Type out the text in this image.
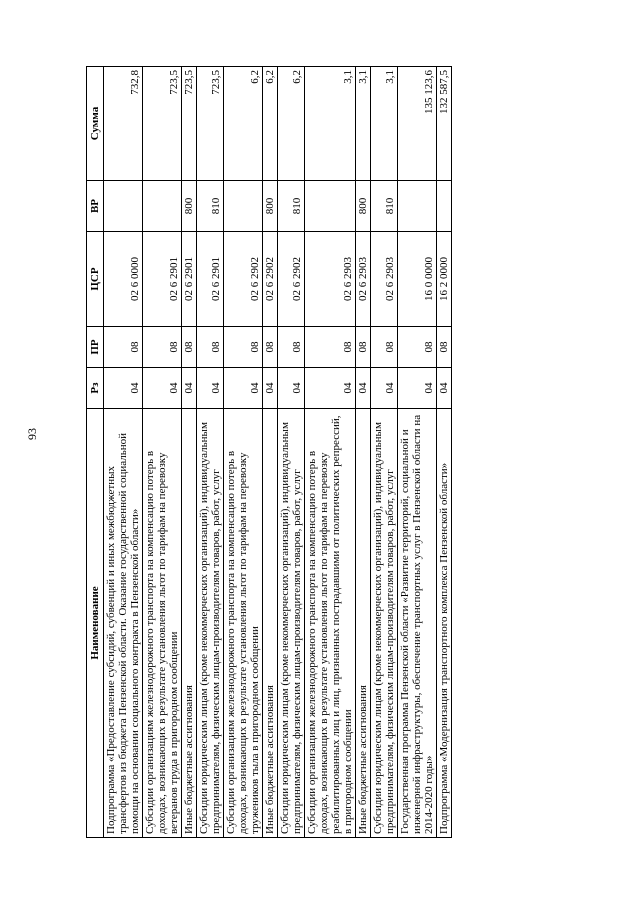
93
Наименование	Рз	ПР	ЦСР	ВР	Сумма
Подпрограмма «Предоставление субсидий, субвенций и иных межбюджетных трансфертов из бюджета Пензенской области. Оказание государственной социальной помощи на основании социального контракта в Пензенской области»	04	08	02 6 0000		732,8
Субсидии организациям железнодорожного транспорта на компенсацию потерь в доходах, возникающих в результате установления льгот по тарифам на перевозку ветеранов труда в пригородном сообщении	04	08	02 6 2901		723,5
Иные бюджетные ассигнования	04	08	02 6 2901	800	723,5
Субсидии юридическим лицам (кроме некоммерческих организаций), индивидуальным предпринимателям, физическим лицам-производителям товаров, работ, услуг	04	08	02 6 2901	810	723,5
Субсидии организациям железнодорожного транспорта на компенсацию потерь в доходах, возникающих в результате установления льгот по тарифам на перевозку тружеников тыла в пригородном сообщении	04	08	02 6 2902		6,2
Иные бюджетные ассигнования	04	08	02 6 2902	800	6,2
Субсидии юридическим лицам (кроме некоммерческих организаций), индивидуальным предпринимателям, физическим лицам-производителям товаров, работ, услуг	04	08	02 6 2902	810	6,2
Субсидии организациям железнодорожного транспорта на компенсацию потерь в доходах, возникающих в результате установления льгот по тарифам на перевозку реабилитированных лиц и лиц, признанных пострадавшими от политических репрессий, в пригородном сообщении	04	08	02 6 2903		3,1
Иные бюджетные ассигнования	04	08	02 6 2903	800	3,1
Субсидии юридическим лицам (кроме некоммерческих организаций), индивидуальным предпринимателям, физическим лицам-производителям товаров, работ, услуг	04	08	02 6 2903	810	3,1
Государственная программа Пензенской области «Развитие территорий, социальной и инженерной инфраструктуры, обеспечение транспортных услуг в Пензенской области на 2014-2020 годы»	04	08	16 0 0000		135 123,6
Подпрограмма «Модернизация транспортного комплекса Пензенской области»	04	08	16 2 0000		132 587,5
